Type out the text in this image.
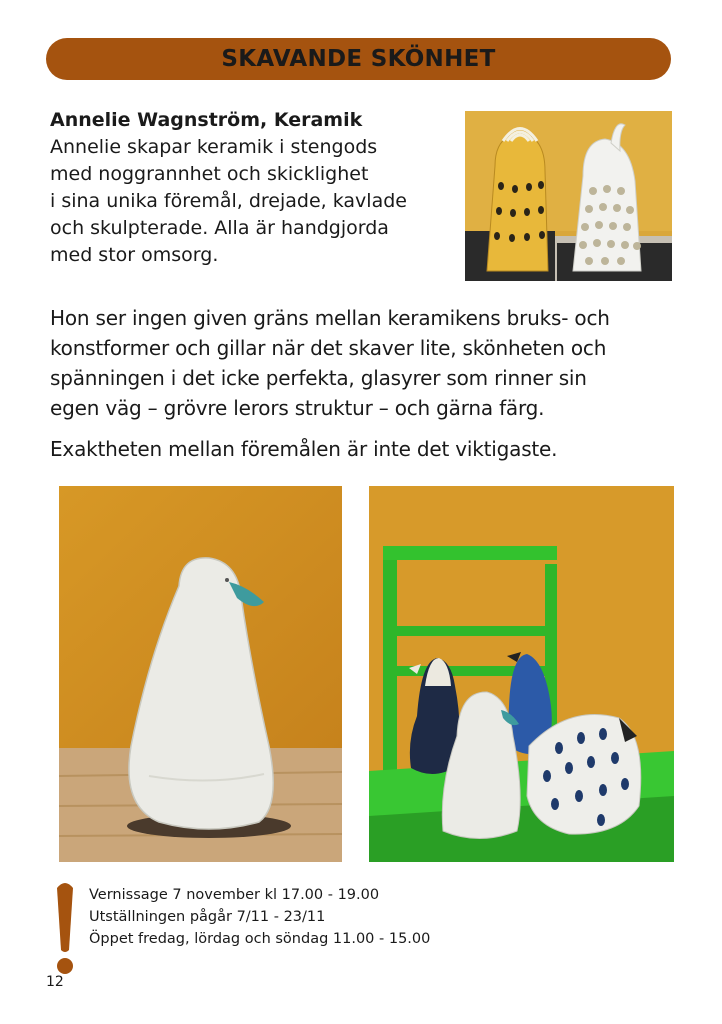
SKAVANDE SKÖNHET
Annelie Wagnström, Keramik
Annelie skapar keramik i stengods
med noggrannhet och skicklighet
i sina unika föremål, drejade, kavlade
och skulpterade. Alla är handgjorda
med stor omsorg.
Hon ser ingen given gräns mellan keramikens bruks- och
konstformer och gillar när det skaver lite, skönheten och
spänningen i det icke perfekta, glasyrer som rinner sin
egen väg – grövre lerors struktur – och gärna färg.
Exaktheten mellan föremålen är inte det viktigaste.
Vernissage 7 november kl 17.00 - 19.00
Utställningen pågår 7/11 - 23/11
Öppet fredag, lördag och söndag 11.00 - 15.00
12
